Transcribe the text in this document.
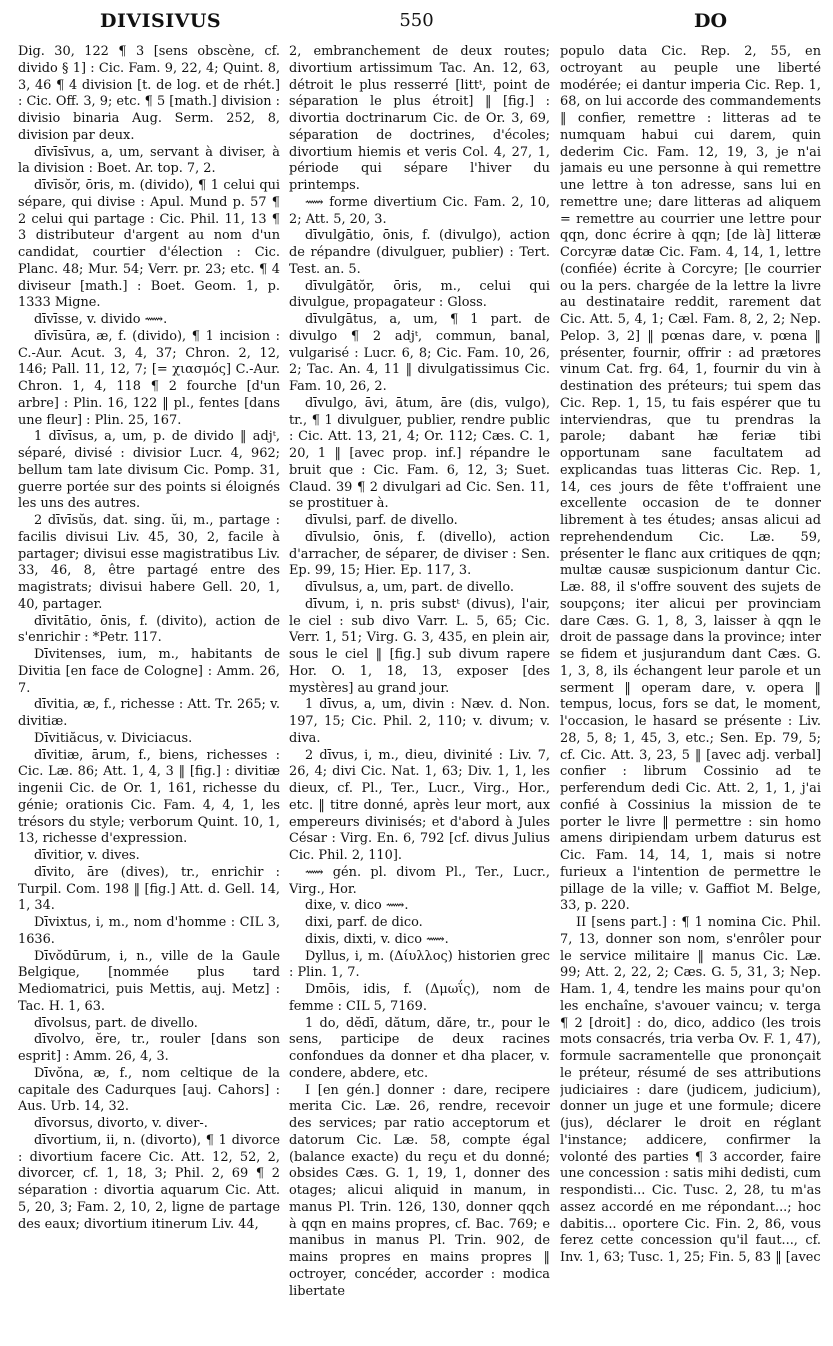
DIVISIVUS	550	DO

Dig. 30, 122 ¶ 3 [sens obscène, cf. divido § 1] : Cic. Fam. 9, 22, 4; Quint. 8, 3, 46 ¶ 4 division [t. de log. et de rhét.] : Cic. Off. 3, 9; etc. ¶ 5 [math.] division : divisio binaria Aug. Serm. 252, 8, division par deux.

dīvīsīvus, a, um, servant à diviser, à la division : Boet. Ar. top. 7, 2.

dīvīsŏr, ōris, m. (divido), ¶ 1 celui qui sépare, qui divise : Apul. Mund p. 57 ¶ 2 celui qui partage : Cic. Phil. 11, 13 ¶ 3 distributeur d'argent au nom d'un candidat, courtier d'élection : Cic. Planc. 48; Mur. 54; Verr. pr. 23; etc. ¶ 4 diviseur [math.] : Boet. Geom. 1, p. 1333 Migne.

dīvīsse, v. divido ⟿.

dīvīsūra, æ, f. (divido), ¶ 1 incision : C.-Aur. Acut. 3, 4, 37; Chron. 2, 12, 146; Pall. 11, 12, 7; [= χιασμός] C.-Aur. Chron. 1, 4, 118 ¶ 2 fourche [d'un arbre] : Plin. 16, 122 ‖ pl., fentes [dans une fleur] : Plin. 25, 167.

1 dīvīsus, a, um, p. de divido ‖ adjᵗ, séparé, divisé : divisior Lucr. 4, 962; bellum tam late divisum Cic. Pomp. 31, guerre portée sur des points si éloignés les uns des autres.

2 dīvīsŭs, dat. sing. ŭi, m., partage : facilis divisui Liv. 45, 30, 2, facile à partager; divisui esse magistratibus Liv. 33, 46, 8, être partagé entre des magistrats; divisui habere Gell. 20, 1, 40, partager.

dīvitātio, ōnis, f. (divito), action de s'enrichir : *Petr. 117.

Dīvitenses, ium, m., habitants de Divitia [en face de Cologne] : Amm. 26, 7.

dīvitia, æ, f., richesse : Att. Tr. 265; v. divitiæ.

Dīvitiăcus, v. Diviciacus.

dīvitiæ, ārum, f., biens, richesses : Cic. Læ. 86; Att. 1, 4, 3 ‖ [fig.] : divitiæ ingenii Cic. de Or. 1, 161, richesse du génie; orationis Cic. Fam. 4, 4, 1, les trésors du style; verborum Quint. 10, 1, 13, richesse d'expression.

dīvitior, v. dives.

dīvito, āre (dives), tr., enrichir : Turpil. Com. 198 ‖ [fig.] Att. d. Gell. 14, 1, 34.

Dīvixtus, i, m., nom d'homme : CIL 3, 1636.

Dīvŏdūrum, i, n., ville de la Gaule Belgique, [nommée plus tard Mediomatrici, puis Mettis, auj. Metz] : Tac. H. 1, 63.

dīvolsus, part. de divello.

dīvolvo, ĕre, tr., rouler [dans son esprit] : Amm. 26, 4, 3.

Dīvŏna, æ, f., nom celtique de la capitale des Cadurques [auj. Cahors] : Aus. Urb. 14, 32.

dīvorsus, divorto, v. diver-.

dīvortium, ii, n. (divorto), ¶ 1 divorce : divortium facere Cic. Att. 12, 52, 2, divorcer, cf. 1, 18, 3; Phil. 2, 69 ¶ 2 séparation : divortia aquarum Cic. Att. 5, 20, 3; Fam. 2, 10, 2, ligne de partage des eaux; divortium itinerum Liv. 44,

2, embranchement de deux routes; divortium artissimum Tac. An. 12, 63, détroit le plus resserré [littᵗ, point de séparation le plus étroit] ‖ [fig.] : divortia doctrinarum Cic. de Or. 3, 69, séparation de doctrines, d'écoles; divortium hiemis et veris Col. 4, 27, 1, période qui sépare l'hiver du printemps.

⟿ forme divertium Cic. Fam. 2, 10, 2; Att. 5, 20, 3.

dīvulgātio, ōnis, f. (divulgo), action de répandre (divulguer, publier) : Tert. Test. an. 5.

dīvulgātŏr, ōris, m., celui qui divulgue, propagateur : Gloss.

dīvulgātus, a, um, ¶ 1 part. de divulgo ¶ 2 adjᵗ, commun, banal, vulgarisé : Lucr. 6, 8; Cic. Fam. 10, 26, 2; Tac. An. 4, 11 ‖ divulgatissimus Cic. Fam. 10, 26, 2.

dīvulgo, āvi, ātum, āre (dis, vulgo), tr., ¶ 1 divulguer, publier, rendre public : Cic. Att. 13, 21, 4; Or. 112; Cæs. C. 1, 20, 1 ‖ [avec prop. inf.] répandre le bruit que : Cic. Fam. 6, 12, 3; Suet. Claud. 39 ¶ 2 divulgari ad Cic. Sen. 11, se prostituer à.

dīvulsi, parf. de divello.

dīvulsio, ōnis, f. (divello), action d'arracher, de séparer, de diviser : Sen. Ep. 99, 15; Hier. Ep. 117, 3.

dīvulsus, a, um, part. de divello.

dīvum, i, n. pris substᵗ (divus), l'air, le ciel : sub divo Varr. L. 5, 65; Cic. Verr. 1, 51; Virg. G. 3, 435, en plein air, sous le ciel ‖ [fig.] sub divum rapere Hor. O. 1, 18, 13, exposer [des mystères] au grand jour.

1 dīvus, a, um, divin : Næv. d. Non. 197, 15; Cic. Phil. 2, 110; v. divum; v. diva.

2 dīvus, i, m., dieu, divinité : Liv. 7, 26, 4; divi Cic. Nat. 1, 63; Div. 1, 1, les dieux, cf. Pl., Ter., Lucr., Virg., Hor., etc. ‖ titre donné, après leur mort, aux empereurs divinisés; et d'abord à Jules César : Virg. En. 6, 792 [cf. divus Julius Cic. Phil. 2, 110].

⟿ gén. pl. divom Pl., Ter., Lucr., Virg., Hor.

dixe, v. dico ⟿.

dixi, parf. de dico.

dixis, dixti, v. dico ⟿.

Dyllus, i, m. (Δίυλλος) historien grec : Plin. 1, 7.

Dmōis, idis, f. (Δμωΐς), nom de femme : CIL 5, 7169.

1 do, dĕdī, dătum, dăre, tr., pour le sens, participe de deux racines confondues da donner et dha placer, v. condere, abdere, etc.

I [en gén.] donner : dare, recipere merita Cic. Læ. 26, rendre, recevoir des services; par ratio acceptorum et datorum Cic. Læ. 58, compte égal (balance exacte) du reçu et du donné; obsides Cæs. G. 1, 19, 1, donner des otages; alicui aliquid in manum, in manus Pl. Trin. 126, 130, donner qqch à qqn en mains propres, cf. Bac. 769; e manibus in manus Pl. Trin. 902, de mains propres en mains propres ‖ octroyer, concéder, accorder : modica libertate

populo data Cic. Rep. 2, 55, en octroyant au peuple une liberté modérée; ei dantur imperia Cic. Rep. 1, 68, on lui accorde des commandements ‖ confier, remettre : litteras ad te numquam habui cui darem, quin dederim Cic. Fam. 12, 19, 3, je n'ai jamais eu une personne à qui remettre une lettre à ton adresse, sans lui en remettre une; dare litteras ad aliquem = remettre au courrier une lettre pour qqn, donc écrire à qqn; [de là] litteræ Corcyræ datæ Cic. Fam. 4, 14, 1, lettre (confiée) écrite à Corcyre; [le courrier ou la pers. chargée de la lettre la livre au destinataire reddit, rarement dat Cic. Att. 5, 4, 1; Cæl. Fam. 8, 2, 2; Nep. Pelop. 3, 2] ‖ pœnas dare, v. pœna ‖ présenter, fournir, offrir : ad prætores vinum Cat. frg. 64, 1, fournir du vin à destination des préteurs; tui spem das Cic. Rep. 1, 15, tu fais espérer que tu interviendras, que tu prendras la parole; dabant hæ feriæ tibi opportunam sane facultatem ad explicandas tuas litteras Cic. Rep. 1, 14, ces jours de fête t'offraient une excellente occasion de te donner librement à tes études; ansas alicui ad reprehendendum Cic. Læ. 59, présenter le flanc aux critiques de qqn; multæ causæ suspicionum dantur Cic. Læ. 88, il s'offre souvent des sujets de soupçons; iter alicui per provinciam dare Cæs. G. 1, 8, 3, laisser à qqn le droit de passage dans la province; inter se fidem et jusjurandum dant Cæs. G. 1, 3, 8, ils échangent leur parole et un serment ‖ operam dare, v. opera ‖ tempus, locus, fors se dat, le moment, l'occasion, le hasard se présente : Liv. 28, 5, 8; 1, 45, 3, etc.; Sen. Ep. 79, 5; cf. Cic. Att. 3, 23, 5 ‖ [avec adj. verbal] confier : librum Cossinio ad te perferendum dedi Cic. Att. 2, 1, 1, j'ai confié à Cossinius la mission de te porter le livre ‖ permettre : sin homo amens diripiendam urbem daturus est Cic. Fam. 14, 14, 1, mais si notre furieux a l'intention de permettre le pillage de la ville; v. Gaffiot M. Belge, 33, p. 220.

II [sens part.] : ¶ 1 nomina Cic. Phil. 7, 13, donner son nom, s'enrôler pour le service militaire ‖ manus Cic. Læ. 99; Att. 2, 22, 2; Cæs. G. 5, 31, 3; Nep. Ham. 1, 4, tendre les mains pour qu'on les enchaîne, s'avouer vaincu; v. terga ¶ 2 [droit] : do, dico, addico (les trois mots consacrés, tria verba Ov. F. 1, 47), formule sacramentelle que prononçait le préteur, résumé de ses attributions judiciaires : dare (judicem, judicium), donner un juge et une formule; dicere (jus), déclarer le droit en réglant l'instance; addicere, confirmer la volonté des parties ¶ 3 accorder, faire une concession : satis mihi dedisti, cum respondisti... Cic. Tusc. 2, 28, tu m'as assez accordé en me répondant...; hoc dabitis... oportere Cic. Fin. 2, 86, vous ferez cette concession qu'il faut..., cf. Inv. 1, 63; Tusc. 1, 25; Fin. 5, 83 ‖ [avec
